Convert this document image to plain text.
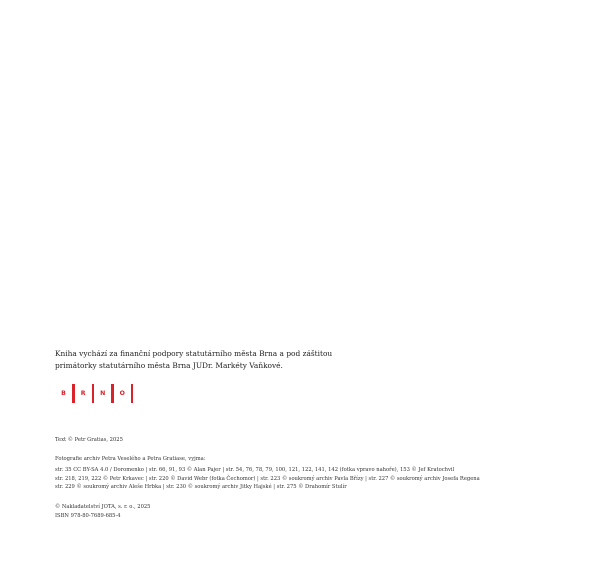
Kniha vychází za finanční podpory statutárního města Brna a pod záštitou
primátorky statutárního města Brna JUDr. Markéty Vaňkové.
B	R	N	O
Text © Petr Gratias, 2025
Fotografie archiv Petra Veselého a Petra Gratiase, vyjma:
str. 35 CC BY-SA 4.0 / Doromenko | str. 66, 91, 93 © Alan Pajer | str. 54, 76, 78, 79, 100, 121, 122, 141, 142 (fotka vpravo nahoře), 153 © Jef Kratochvil
str. 218, 219, 222 © Petr Krkavec | str. 220 © David Webr (fotka Čechomor) | str. 223 © soukromý archiv Pavla Břízy | str. 227 © soukromý archiv Josefa Regena
str. 229 © soukromý archiv Aleše Hrbka | str. 230 © soukromý archiv Jitky Hajské | str. 275 © Drahomír Stulír
© Nakladatelství JOTA, s. r. o., 2025
ISBN 978-80-7689-685-4
